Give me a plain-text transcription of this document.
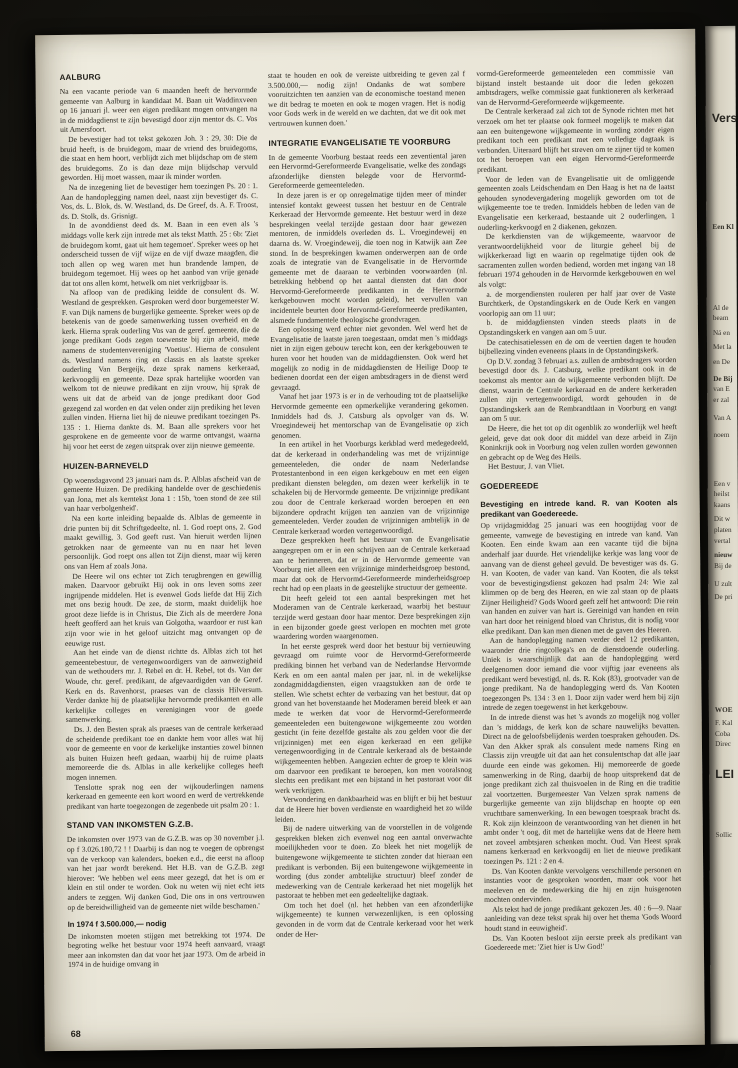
AALBURG

Na een vacante periode van 6 maanden heeft de hervormde gemeente van Aalburg in kandidaat M. Baan uit Waddinxveen op 16 januari jl. weer een eigen predikant mogen ontvangen na in de middagdienst te zijn bevestigd door zijn mentor ds. C. Vos uit Amersfoort.

De bevestiger had tot tekst gekozen Joh. 3 : 29, 30: Die de bruid heeft, is de bruidegom, maar de vriend des bruidegoms, die staat en hem hoort, verblijdt zich met blijdschap om de stem des bruidegoms. Zo is dan deze mijn blijdschap vervuld geworden. Hij moet wassen, maar ik minder worden.

Na de inzegening liet de bevestiger hem toezingen Ps. 20 : 1. Aan de handoplegging namen deel, naast zijn bevestiger ds. C. Vos, ds. L. Blok, ds. W. Westland, ds. De Greef, ds. A. F. Troost, ds. D. Stolk, ds. Grisnigt.

In de avonddienst deed ds. M. Baan in een even als 's middags volle kerk zijn intrede met als tekst Matth. 25 : 6b: 'Ziet de bruidegom komt, gaat uit hem tegemoet'. Spreker wees op het onderscheid tussen de vijf wijze en de vijf dwaze maagden, die toch allen op weg waren met hun brandende lampen, de bruidegom tegemoet. Hij wees op het aanbod van vrije genade dat tot ons allen komt, hetwelk om niet verkrijgbaar is.

Na afloop van de prediking leidde de consulent ds. W. Westland de gesprekken. Gesproken werd door burgemeester W. F. van Dijk namens de burgerlijke gemeente. Spreker wees op de betekenis van de goede samenwerking tussen overheid en de kerk. Hierna sprak ouderling Vos van de geref. gemeente, die de jonge predikant Gods zegen toewenste bij zijn arbeid, mede namens de studentenvereniging 'Voetius'. Hierna de consulent ds. Westland namens ring en classis en als laatste spreker ouderling Van Bergeijk, deze sprak namens kerkeraad, kerkvoogdij en gemeente. Deze sprak hartelijke woorden van welkom tot de nieuwe predikant en zijn vrouw, hij sprak de wens uit dat de arbeid van de jonge predikant door God gezegend zal worden en dat velen onder zijn prediking het leven zullen vinden. Hierna liet hij de nieuwe predikant toezingen Ps. 135 : 1. Hierna dankte ds. M. Baan alle sprekers voor het gesprokene en de gemeente voor de warme ontvangst, waarna hij voor het eerst de zegen uitsprak over zijn nieuwe gemeente.

HUIZEN-BARNEVELD

Op woensdagavond 23 januari nam ds. P. Alblas afscheid van de gemeente Huizen. De prediking handelde over de geschiedenis van Jona, met als kerntekst Jona 1 : 15b, 'toen stond de zee stil van haar verbolgenheid'.

Na een korte inleiding bepaalde ds. Alblas de gemeente in drie punten bij dit Schriftgedeelte, nl. 1. God roept ons, 2. God maakt gewillig, 3. God geeft rust. Van hieruit werden lijnen getrokken naar de gemeente van nu en naar het leven persoonlijk. God roept ons allen tot Zijn dienst, maar wij keren ons van Hem af zoals Jona.

De Heere wil ons echter tot Zich terugbrengen en gewillig maken. Daarvoor gebruikt Hij ook in ons leven soms zeer ingrijpende middelen. Het is evenwel Gods liefde dat Hij Zich met ons bezig houdt. De zee, de storm, maakt duidelijk hoe groot deze liefde is in Christus, Die Zich als de meerdere Jona heeft geofferd aan het kruis van Golgotha, waardoor er rust kan zijn voor wie in het geloof uitzicht mag ontvangen op de eeuwige rust.

Aan het einde van de dienst richtte ds. Alblas zich tot het gemeentebestuur, de vertegenwoordigers van de aanwezigheid van de wethouders mr. J. Rebel en dr. H. Rebel, tot ds. Van der Woude, chr. geref. predikant, de afgevaardigden van de Geref. Kerk en ds. Ravenhorst, praeses van de classis Hilversum. Verder dankte hij de plaatselijke hervormde predikanten en alle kerkelijke colleges en verenigingen voor de goede samenwerking.

Ds. J. den Besten sprak als praeses van de centrale kerkeraad de scheidende predikant toe en dankte hem voor alles wat hij voor de gemeente en voor de kerkelijke instanties zowel binnen als buiten Huizen heeft gedaan, waarbij hij de ruime plaats memoreerde die ds. Alblas in alle kerkelijke colleges heeft mogen innemen.

Tenslotte sprak nog een der wijkouderlingen namens kerkeraad en gemeente een kort woord en werd de vertrekkende predikant van harte toegezongen de zegenbede uit psalm 20 : 1.

STAND VAN INKOMSTEN G.Z.B.

De inkomsten over 1973 van de G.Z.B. was op 30 november j.l. op f 3.026.180,72 ! ! Daarbij is dan nog te voegen de opbrengst van de verkoop van kalenders, boeken e.d., die eerst na afloop van het jaar wordt berekend. Het H.B. van de G.Z.B. zegt hierover: 'We hebben wel eens meer gezegd, dat het is om er klein en stil onder te worden. Ook nu weten wij niet echt iets anders te zeggen. Wij danken God, Die ons in ons vertrouwen op de bereidwilligheid van de gemeente niet wilde beschamen.'

In 1974 f 3.500.000,— nodig

De inkomsten moeten stijgen met betrekking tot 1974. De begroting welke het bestuur voor 1974 heeft aanvaard, vraagt meer aan inkomsten dan dat voor het jaar 1973. Om de arbeid in 1974 in de huidige omvang in

staat te houden en ook de vereiste uitbreiding te geven zal f 3.500.000,— nodig zijn! Ondanks de wat sombere vooruitzichten ten aanzien van de economische toestand menen we dit bedrag te moeten en ook te mogen vragen. Het is nodig voor Gods werk in de wereld en we dachten, dat we dit ook met vertrouwen kunnen doen.'

INTEGRATIE EVANGELISATIE TE VOORBURG

In de gemeente Voorburg bestaat reeds een zeventiental jaren een Hervormd-Gereformeerde Evangelisatie, welke des zondags afzonderlijke diensten belegde voor de Hervormd-Gereformeerde gemeenteleden.

In deze jaren is er op onregelmatige tijden meer of minder intensief kontakt geweest tussen het bestuur en de Centrale Kerkeraad der Hervormde gemeente. Het bestuur werd in deze besprekingen veelal terzijde gestaan door haar gewezen mentoren, de inmiddels overleden ds. L. Vroegindeweij en daarna ds. W. Vroegindeweij, die toen nog in Katwijk aan Zee stond. In de besprekingen kwamen onderwerpen aan de orde zoals de integratie van de Evangelisatie in de Hervormde gemeente met de daaraan te verbinden voorwaarden (nl. betrekking hebbend op het aantal diensten dat dan door Hervormd-Gereformeerde predikanten in de Hervormde kerkgebouwen mocht worden geleid), het vervullen van incidentele beurten door Hervormd-Gereformeerde predikanten, alsmede fundamentele theologische grondvragen.

Een oplossing werd echter niet gevonden. Wel werd het de Evangelisatie de laatste jaren toegestaan, omdat men 's middags niet in zijn eigen gebouw terecht kon, een der kerkgebouwen te huren voor het houden van de middagdiensten. Ook werd het mogelijk zo nodig in de middagdiensten de Heilige Doop te bedienen doordat een der eigen ambtsdragers in de dienst werd gevraagd.

Vanaf het jaar 1973 is er in de verhouding tot de plaatselijke Hervormde gemeente een opmerkelijke verandering gekomen. Inmiddels had ds. J. Catsburg als opvolger van ds. W. Vroegindeweij het mentorschap van de Evangelisatie op zich genomen.

In een artikel in het Voorburgs kerkblad werd medegedeeld, dat de kerkeraad in onderhandeling was met de vrijzinnige gemeenteleden, die onder de naam Nederlandse Protestantenbond in een eigen kerkgebouw en met een eigen predikant diensten belegden, om dezen weer kerkelijk in te schakelen bij de Hervormde gemeente. De vrijzinnige predikant zou door de Centrale kerkeraad worden beroepen en een bijzondere opdracht krijgen ten aanzien van de vrijzinnige gemeenteleden. Verder zouden de vrijzinnigen ambtelijk in de Centrale kerkeraad worden vertegenwoordigd.

Deze gesprekken heeft het bestuur van de Evangelisatie aangegrepen om er in een schrijven aan de Centrale kerkeraad aan te herinneren, dat er in de Hervormde gemeente van Voorburg niet alleen een vrijzinnige minderheidsgroep bestond, maar dat ook de Hervormd-Gereformeerde minderheidsgroep recht had op een plaats in de geestelijke structuur der gemeente.

Dit heeft geleid tot een aantal besprekingen met het Moderamen van de Centrale kerkeraad, waarbij het bestuur terzijde werd gestaan door haar mentor. Deze besprekingen zijn in een bijzonder goede geest verlopen en mochten met grote waardering worden waargenomen.

In het eerste gesprek werd door het bestuur bij vernieuwing gevraagd om ruimte voor de Hervormd-Gereformeerde prediking binnen het verband van de Nederlandse Hervormde Kerk en om een aantal malen per jaar, nl. in de wekelijkse zondagmiddagdiensten, eigen vraagstukken aan de orde te stellen. Wie schetst echter de verbazing van het bestuur, dat op grond van het bovenstaande het Moderamen bereid bleek er aan mede te werken dat voor de Hervormd-Gereformeerde gemeenteleden een buitengewone wijkgemeente zou worden gesticht (in feite dezelfde gestalte als zou gelden voor die der vrijzinnigen) met een eigen kerkeraad en een gelijke vertegenwoordiging in de Centrale kerkeraad als de bestaande wijkgemeenten hebben. Aangezien echter de groep te klein was om daarvoor een predikant te beroepen, kon men vooralsnog slechts een predikant met een bijstand in het pastoraat voor dit werk verkrijgen.

Verwondering en dankbaarheid was en blijft er bij het bestuur dat de Heere hier boven verdienste en waardigheid het zo wilde leiden.

Bij de nadere uitwerking van de voorstellen in de volgende gesprekken bleken zich evenwel nog een aantal onverwachte moeilijkheden voor te doen. Zo bleek het niet mogelijk de buitengewone wijkgemeente te stichten zonder dat hieraan een predikant is verbonden. Bij een buitengewone wijkgemeente in wording (dus zonder ambtelijke structuur) bleef zonder de medewerking van de Centrale kerkeraad het niet mogelijk het pastoraat te hebben met een gedeeltelijke dagtaak.

Om toch het doel (nl. het hebben van een afzonderlijke wijkgemeente) te kunnen verwezenlijken, is een oplossing gevonden in de vorm dat de Centrale kerkeraad voor het werk onder de Her-

vormd-Gereformeerde gemeenteleden een commissie van bijstand instelt bestaande uit door die leden gekozen ambtsdragers, welke commissie gaat funktioneren als kerkeraad van de Hervormd-Gereformeerde wijkgemeente.

De Centrale kerkeraad zal zich tot de Synode richten met het verzoek om het ter plaatse ook formeel mogelijk te maken dat aan een buitengewone wijkgemeente in wording zonder eigen predikant toch een predikant met een volledige dagtaak is verbonden. Uiteraard blijft het streven om te zijner tijd te komen tot het beroepen van een eigen Hervormd-Gereformeerde predikant.

Voor de leden van de Evangelisatie uit de omliggende gemeenten zoals Leidschendam en Den Haag is het na de laatst gehouden synodevergadering mogelijk geworden om tot de wijkgemeente toe te treden. Inmiddels hebben de leden van de Evangelisatie een kerkeraad, bestaande uit 2 ouderlingen, 1 ouderling-kerkvoogd en 2 diakenen, gekozen.

De kerkdiensten van de wijkgemeente, waarvoor de verantwoordelijkheid voor de liturgie geheel bij de wijkkerkeraad ligt en waarin op regelmatige tijden ook de sacramenten zullen worden bediend, worden met ingang van 18 februari 1974 gehouden in de Hervormde kerkgebouwen en wel als volgt:

a. de morgendiensten rouleren per half jaar over de Vaste Burchtkerk, de Opstandingskerk en de Oude Kerk en vangen voorlopig aan om 11 uur;

b. de middagdiensten vinden steeds plaats in de Opstandingskerk en vangen aan om 5 uur.

De catechisatielessen en de om de veertien dagen te houden bijbellezing vinden eveneens plaats in de Opstandingskerk.

Op D.V. zondag 3 februari a.s. zullen de ambtsdragers worden bevestigd door ds. J. Catsburg, welke predikant ook in de toekomst als mentor aan de wijkgemeente verbonden blijft. De dienst, waarin de Centrale kerkeraad en de andere kerkeraden zullen zijn vertegenwoordigd, wordt gehouden in de Opstandingskerk aan de Rembrandtlaan in Voorburg en vangt aan om 5 uur.

De Heere, die het tot op dit ogenblik zo wonderlijk wel heeft geleid, geve dat ook door dit middel van deze arbeid in Zijn Koninkrijk ook in Voorburg nog velen zullen worden gewonnen en gebracht op de Weg des Heils.

Het Bestuur, J. van Vliet.

GOEDEREEDE
Bevestiging en intrede kand. R. van Kooten als predikant van Goedereede.

Op vrijdagmiddag 25 januari was een hoogtijdag voor de gemeente, vanwege de bevestiging en intrede van kand. Van Kooten. Een einde kwam aan een vacante tijd die bijna anderhalf jaar duurde. Het vriendelijke kerkje was lang voor de aanvang van de dienst geheel gevuld. De bevestiger was ds. G. H. van Kooten, de vader van kand. Van Kooten, die als tekst voor de bevestigingsdienst gekozen had psalm 24: Wie zal klimmen op de berg des Heeren, en wie zal staan op de plaats Zijner Heiligheid? Gods Woord geeft zelf het antwoord: Die rein van handen en zuiver van hart is. Gereinigd van handen en rein van hart door het reinigend bloed van Christus, dit is nodig voor elke predikant. Dan kan men dienen met de gaven des Heeren.

Aan de handoplegging namen verder deel 12 predikanten, waaronder drie ringcollega's en de dienstdoende ouderling. Uniek is waarschijnlijk dat aan de handoplegging werd deelgenomen door iemand die voor vijftig jaar eveneens als predikant werd bevestigd, nl. ds. R. Kok (83), grootvader van de jonge predikant. Na de handoplegging werd ds. Van Kooten toegezongen Ps. 134 : 3 en 1. Door zijn vader werd hem bij zijn intrede de zegen toegewenst in het kerkgebouw.

In de intrede dienst was het 's avonds zo mogelijk nog voller dan 's middags, de kerk kon de schare nauwelijks bevatten. Direct na de geloofsbelijdenis werden toespraken gehouden. Ds. Van den Akker sprak als consulent mede namens Ring en Classis zijn vreugde uit dat aan het consulentschap dat alle jaar duurde een einde was gekomen. Hij memoreerde de goede samenwerking in de Ring, daarbij de hoop uitsprekend dat de jonge predikant zich zal thuisvoelen in de Ring en die traditie zal voortzetten. Burgemeester Van Velzen sprak namens de burgerlijke gemeente van zijn blijdschap en hoopte op een vruchtbare samenwerking. In een bewogen toespraak bracht ds. R. Kok zijn kleinzoon de verantwoording van het dienen in het ambt onder 't oog, dit met de hartelijke wens dat de Heere hem net zoveel ambtsjaren schenken mocht. Oud. Van Heest sprak namens kerkeraad en kerkvoogdij en liet de nieuwe predikant toezingen Ps. 121 : 2 en 4.

Ds. Van Kooten dankte vervolgens verschillende personen en instanties voor de gesproken woorden, maar ook voor het meeleven en de medewerking die hij en zijn huisgenoten mochten ondervinden.

Als tekst had de jonge predikant gekozen Jes. 40 : 6—9. Naar aanleiding van deze tekst sprak hij over het thema 'Gods Woord houdt stand in eeuwigheid'.

Ds. Van Kooten besloot zijn eerste preek als predikant van Goedereede met: 'Ziet hier is Uw God!'

68
Vers
Een Kl
Al de
beam
Ná en
Met la
en De
De Bij
van E
er zal
Van A
noem
Een v
heilst
kaans
Dit w
platen
vertal
nieuw
Bij de
U zult
De pri
WOE
F. Kal
Coba
Direc
LEI
Sollic
